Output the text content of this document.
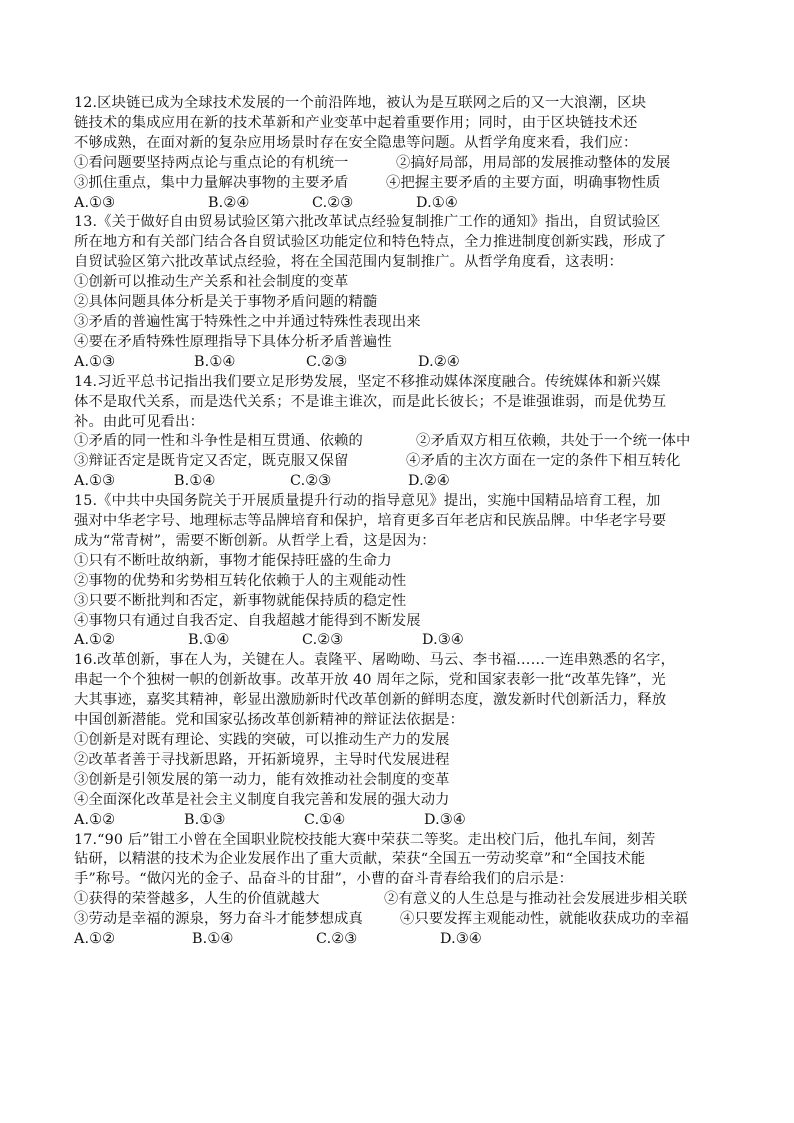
12.区块链已成为全球技术发展的一个前沿阵地，被认为是互联网之后的又一大浪潮，区块
链技术的集成应用在新的技术革新和产业变革中起着重要作用；同时，由于区块链技术还
不够成熟，在面对新的复杂应用场景时存在安全隐患等问题。从哲学角度来看，我们应：
①看问题要坚持两点论与重点论的有机统一	②搞好局部，用局部的发展推动整体的发展
③抓住重点，集中力量解决事物的主要矛盾	④把握主要矛盾的主要方面，明确事物性质
A.①③	B.②④	C.②③	D.①④
13.《关于做好自由贸易试验区第六批改革试点经验复制推广工作的通知》指出，自贸试验区
所在地方和有关部门结合各自贸试验区功能定位和特色特点，全力推进制度创新实践，形成了
自贸试验区第六批改革试点经验，将在全国范围内复制推广。从哲学角度看，这表明：
①创新可以推动生产关系和社会制度的变革
②具体问题具体分析是关于事物矛盾问题的精髓
③矛盾的普遍性寓于特殊性之中并通过特殊性表现出来
④要在矛盾特殊性原理指导下具体分析矛盾普遍性
A.①③	B.①④	C.②③	D.②④
14.习近平总书记指出我们要立足形势发展，坚定不移推动媒体深度融合。传统媒体和新兴媒
体不是取代关系，而是迭代关系；不是谁主谁次，而是此长彼长；不是谁强谁弱，而是优势互
补。由此可见看出：
①矛盾的同一性和斗争性是相互贯通、依赖的	②矛盾双方相互依赖，共处于一个统一体中
③辩证否定是既肯定又否定，既克服又保留	④矛盾的主次方面在一定的条件下相互转化
A.①③	B.①④	C.②③	D.②④
15.《中共中央国务院关于开展质量提升行动的指导意见》提出，实施中国精品培育工程，加
强对中华老字号、地理标志等品牌培育和保护，培育更多百年老店和民族品牌。中华老字号要
成为“常青树”，需要不断创新。从哲学上看，这是因为：
①只有不断吐故纳新，事物才能保持旺盛的生命力
②事物的优势和劣势相互转化依赖于人的主观能动性
③只要不断批判和否定，新事物就能保持质的稳定性
④事物只有通过自我否定、自我超越才能得到不断发展
A.①②	B.①④	C.②③	D.③④
16.改革创新，事在人为，关键在人。袁隆平、屠呦呦、马云、李书福……一连串熟悉的名字，
串起一个个独树一帜的创新故事。改革开放 40 周年之际，党和国家表彰一批“改革先锋”，光
大其事迹，嘉奖其精神，彰显出激励新时代改革创新的鲜明态度，激发新时代创新活力，释放
中国创新潜能。党和国家弘扬改革创新精神的辩证法依据是：
①创新是对既有理论、实践的突破，可以推动生产力的发展
②改革者善于寻找新思路，开拓新境界，主导时代发展进程
③创新是引领发展的第一动力，能有效推动社会制度的变革
④全面深化改革是社会主义制度自我完善和发展的强大动力
A.①②	B.①③	C.①④	D.③④
17.“90 后”钳工小曾在全国职业院校技能大赛中荣获二等奖。走出校门后，他扎车间，刻苦
钻研，以精湛的技术为企业发展作出了重大贡献，荣获“全国五一劳动奖章”和“全国技术能
手”称号。“做闪光的金子、品奋斗的甘甜”，小曹的奋斗青春给我们的启示是：
①获得的荣誉越多，人生的价值就越大	②有意义的人生总是与推动社会发展进步相关联
③劳动是幸福的源泉，努力奋斗才能梦想成真	④只要发挥主观能动性，就能收获成功的幸福
A.①②	B.①④	C.②③	D.③④
